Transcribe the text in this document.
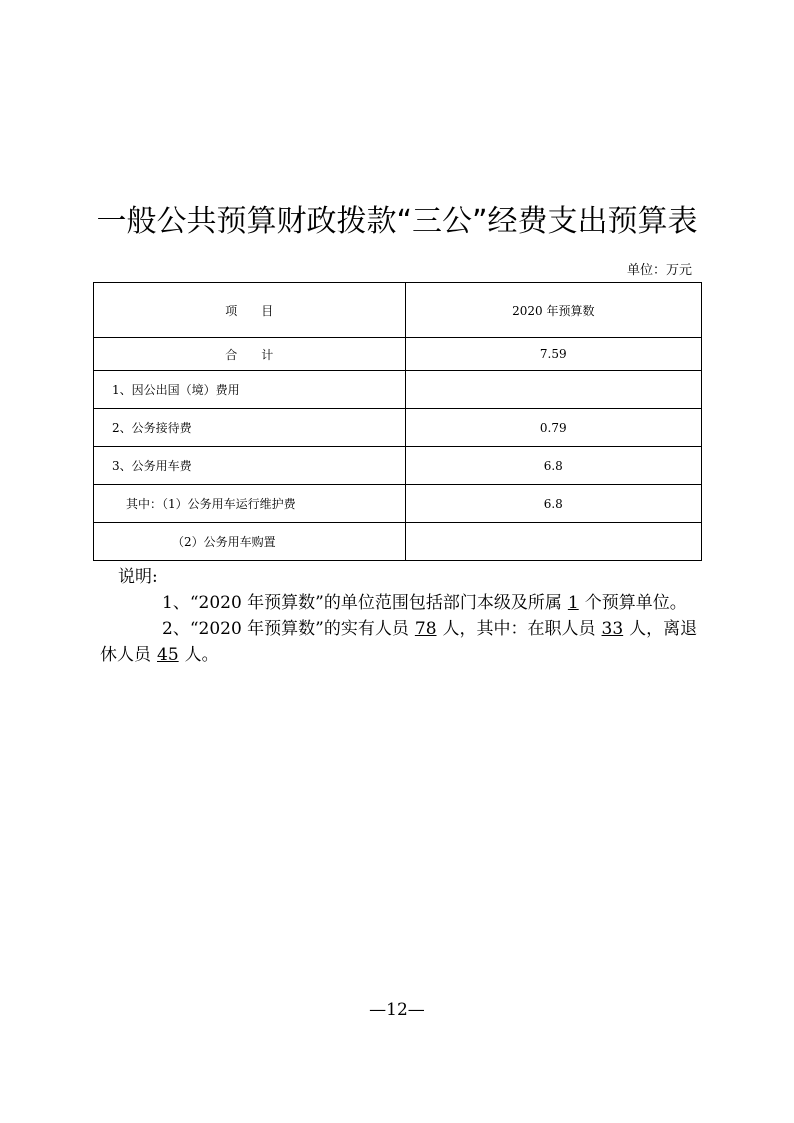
一般公共预算财政拨款“三公”经费支出预算表
单位：万元
项　　目	2020 年预算数
合　　计	7.59
1、因公出国（境）费用	
2、公务接待费	0.79
3、公务用车费	6.8
其中：（1）公务用车运行维护费	6.8
（2）公务用车购置	

说明:

1、“2020 年预算数”的单位范围包括部门本级及所属 1 个预算单位。

2、“2020 年预算数”的实有人员 78 人，其中：在职人员 33 人，离退休人员 45 人。

—12—
